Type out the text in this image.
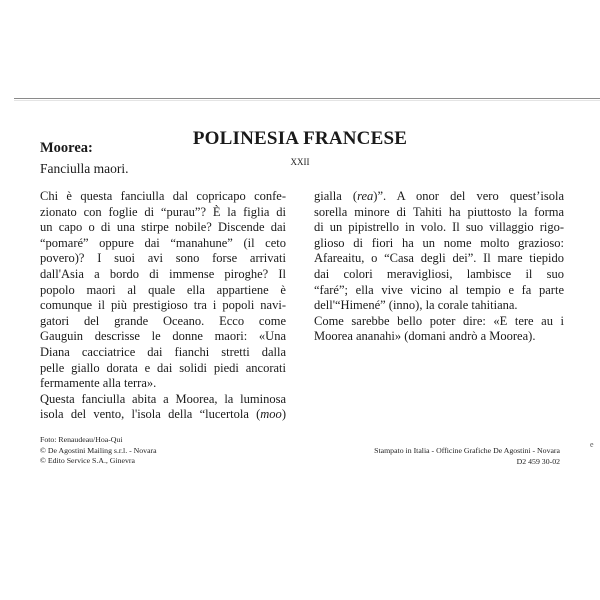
POLINESIA FRANCESE
Moorea:
XXII
Fanciulla maori.
Chi è questa fanciulla dal copricapo confe-
zionato con foglie di “purau”? È la figlia di
un capo o di una stirpe nobile? Discende dai
“pomaré” oppure dai “manahune” (il ceto
povero)? I suoi avi sono forse arrivati
dall'Asia a bordo di immense piroghe? Il
popolo maori al quale ella appartiene è
comunque il più prestigioso tra i popoli navi-
gatori del grande Oceano. Ecco come
Gauguin descrisse le donne maori: «Una
Diana cacciatrice dai fianchi stretti dalla
pelle giallo dorata e dai solidi piedi ancorati
fermamente alla terra».
Questa fanciulla abita a Moorea, la luminosa
isola del vento, l'isola della “lucertola (moo)
gialla (rea)”. A onor del vero quest’isola
sorella minore di Tahiti ha piuttosto la forma
di un pipistrello in volo. Il suo villaggio rigo-
glioso di fiori ha un nome molto grazioso:
Afareaitu, o “Casa degli dei”. Il mare tiepido
dai colori meravigliosi, lambisce il suo
“faré”; ella vive vicino al tempio e fa parte
dell'“Himené” (inno), la corale tahitiana.
Come sarebbe bello poter dire: «E tere au i
Moorea ananahi» (domani andrò a Moorea).
Foto: Renaudeau/Hoa-Qui
© De Agostini Mailing s.r.l. - Novara
© Edito Service S.A., Ginevra
Stampato in Italia - Officine Grafiche De Agostini - Novara
D2 459 30-02
e
